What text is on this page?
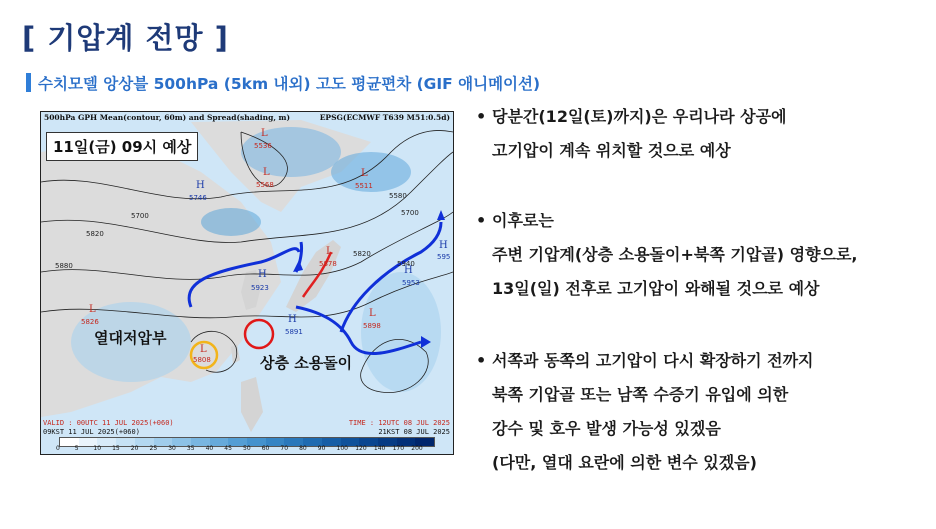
[ 기압계 전망 ]
수치모델 앙상블 500hPa (5km 내외) 고도 평균편차 (GIF 애니메이션)
500hPa GPH Mean(contour, 60m) and Spread(shading, m)	EPSG(ECMWF T639 M51:0.5d)
11일(금) 09시 예상
L
5536
L
5568
L
5511
H
5746
H
5923
H
5891
H
5953
H
595
L
5826
L
5808
L
5898
L
5878
5700
5820
5880	5940
5700
5580
5820
열대저압부
상층 소용돌이
VALID : 00UTC 11 JUL 2025(+060)
09KST 11 JUL 2025(+060)
TIME : 12UTC 08 JUL 2025
21KST 08 JUL 2025
0 5 10 15 20 25 30 35 40 45 50 60 70 80 90 100 120 140 170 200
• 당분간(12일(토)까지)은 우리나라 상공에
고기압이 계속 위치할 것으로 예상
• 이후로는
주변 기압계(상층 소용돌이+북쪽 기압골) 영향으로,
13일(일) 전후로 고기압이 와해될 것으로 예상
• 서쪽과 동쪽의 고기압이 다시 확장하기 전까지
북쪽 기압골 또는 남쪽 수증기 유입에 의한
강수 및 호우 발생 가능성 있겠음
(다만, 열대 요란에 의한 변수 있겠음)
